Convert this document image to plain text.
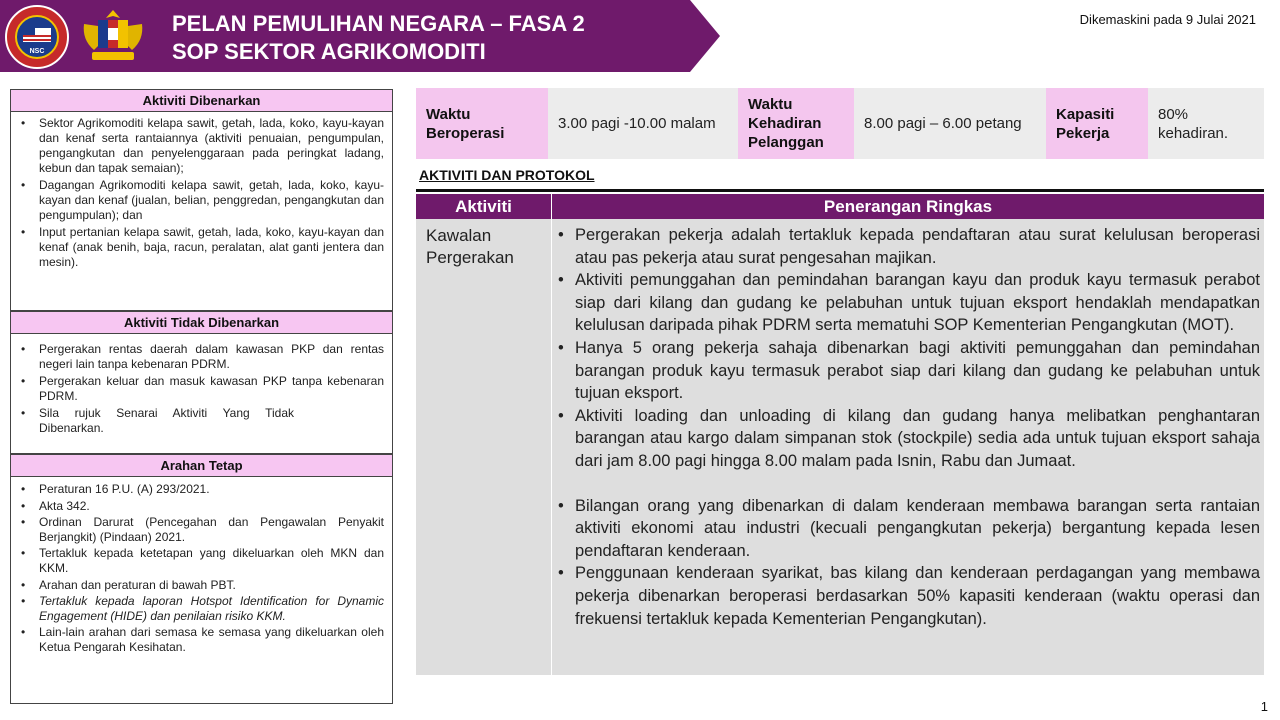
NSC
PELAN PEMULIHAN NEGARA – FASA 2
SOP SEKTOR AGRIKOMODITI
Dikemaskini pada 9 Julai 2021
Aktiviti Dibenarkan
• Sektor Agrikomoditi kelapa sawit, getah, lada, koko, kayu-kayan dan kenaf serta rantaiannya (aktiviti penuaian, pengumpulan, pengangkutan dan penyelenggaraan pada peringkat ladang, kebun dan tapak semaian);
• Dagangan Agrikomoditi kelapa sawit, getah, lada, koko, kayu-kayan dan kenaf (jualan, belian, penggredan, pengangkutan dan pengumpulan); dan
• Input pertanian kelapa sawit, getah, lada, koko, kayu-kayan dan kenaf (anak benih, baja, racun, peralatan, alat ganti jentera dan mesin).
Aktiviti Tidak Dibenarkan
• Pergerakan rentas daerah dalam kawasan PKP dan rentas negeri lain tanpa kebenaran PDRM.
• Pergerakan keluar dan masuk kawasan PKP tanpa kebenaran PDRM.
• Sila rujuk Senarai Aktiviti Yang Tidak Dibenarkan.
Arahan Tetap
• Peraturan 16 P.U. (A) 293/2021.
• Akta 342.
• Ordinan Darurat (Pencegahan dan Pengawalan Penyakit Berjangkit) (Pindaan) 2021.
• Tertakluk kepada ketetapan yang dikeluarkan oleh MKN dan KKM.
• Arahan dan peraturan di bawah PBT.
• Tertakluk kepada laporan Hotspot Identification for Dynamic Engagement (HIDE) dan penilaian risiko KKM.
• Lain-lain arahan dari semasa ke semasa yang dikeluarkan oleh Ketua Pengarah Kesihatan.
Waktu Beroperasi
3.00 pagi -10.00 malam
Waktu Kehadiran Pelanggan
8.00 pagi – 6.00 petang
Kapasiti Pekerja
80% kehadiran.
AKTIVITI DAN PROTOKOL
Aktiviti	Penerangan Ringkas
Kawalan Pergerakan
• Pergerakan pekerja adalah tertakluk kepada pendaftaran atau surat kelulusan beroperasi atau pas pekerja atau surat pengesahan majikan.
• Aktiviti pemunggahan dan pemindahan barangan kayu dan produk kayu termasuk perabot siap dari kilang dan gudang ke pelabuhan untuk tujuan eksport hendaklah mendapatkan kelulusan daripada pihak PDRM serta mematuhi SOP Kementerian Pengangkutan (MOT).
• Hanya 5 orang pekerja sahaja dibenarkan bagi aktiviti pemunggahan dan pemindahan barangan produk kayu termasuk perabot siap dari kilang dan gudang ke pelabuhan untuk tujuan eksport.
• Aktiviti loading dan unloading di kilang dan gudang hanya melibatkan penghantaran barangan atau kargo dalam simpanan stok (stockpile) sedia ada untuk tujuan eksport sahaja dari jam 8.00 pagi hingga 8.00 malam pada Isnin, Rabu dan Jumaat.
• Bilangan orang yang dibenarkan di dalam kenderaan membawa barangan serta rantaian aktiviti ekonomi atau industri (kecuali pengangkutan pekerja) bergantung kepada lesen pendaftaran kenderaan.
• Penggunaan kenderaan syarikat, bas kilang dan kenderaan perdagangan yang membawa pekerja dibenarkan beroperasi berdasarkan 50% kapasiti kenderaan (waktu operasi dan frekuensi tertakluk kepada Kementerian Pengangkutan).
1
